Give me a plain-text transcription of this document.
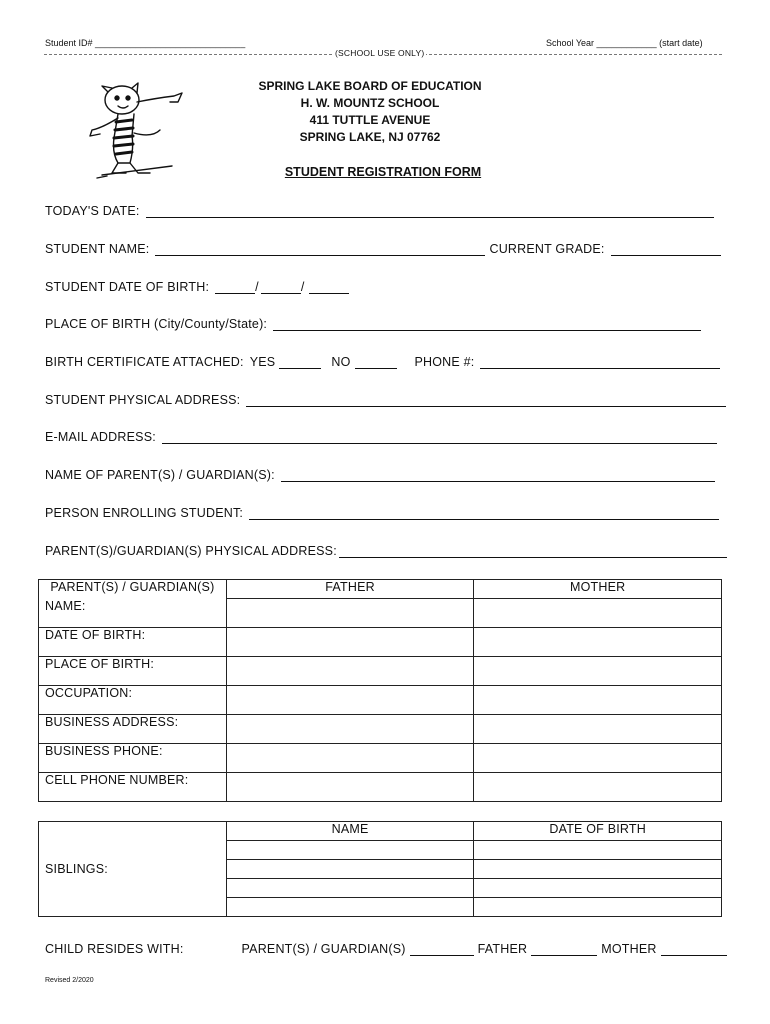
Student ID# ______________________________	School Year ____________ (start date)
(SCHOOL USE ONLY)
SPRING LAKE BOARD OF EDUCATION
H. W. MOUNTZ SCHOOL
411 TUTTLE AVENUE
SPRING LAKE, NJ 07762
STUDENT REGISTRATION FORM
TODAY'S DATE:
STUDENT NAME:	CURRENT GRADE:
STUDENT DATE OF BIRTH:	/	/
PLACE OF BIRTH (City/County/State):
BIRTH CERTIFICATE ATTACHED: YES	NO	PHONE #:
STUDENT PHYSICAL ADDRESS:
E-MAIL ADDRESS:
NAME OF PARENT(S) / GUARDIAN(S):
PERSON ENROLLING STUDENT:
PARENT(S)/GUARDIAN(S) PHYSICAL ADDRESS:
PARENT(S) / GUARDIAN(S)	FATHER	MOTHER
NAME:		
DATE OF BIRTH:		
PLACE OF BIRTH:		
OCCUPATION:		
BUSINESS ADDRESS:		
BUSINESS PHONE:		
CELL PHONE NUMBER:		
SIBLINGS:	NAME	DATE OF BIRTH

CHILD RESIDES WITH:	PARENT(S) / GUARDIAN(S)	FATHER	MOTHER
Revised 2/2020
